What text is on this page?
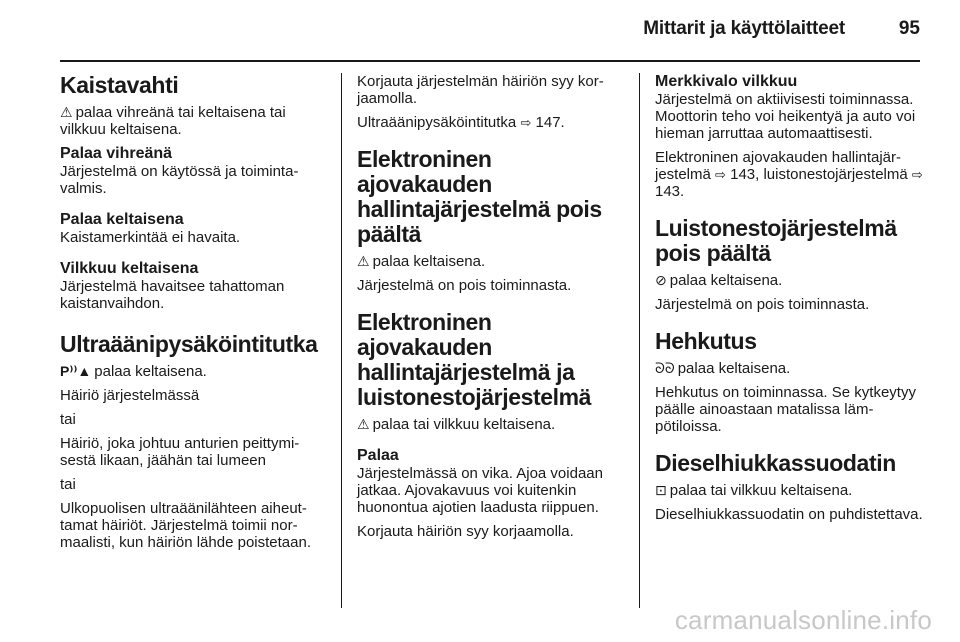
Mittarit ja käyttölaitteet	95
Kaistavahti

⚠ palaa vihreänä tai keltaisena tai vilkkuu keltaisena.

Palaa vihreänä
Järjestelmä on käytössä ja toimintavalmis.
Palaa keltaisena
Kaistamerkintää ei havaita.
Vilkkuu keltaisena
Järjestelmä havaitsee tahattoman kaistanvaihdon.
Ultraäänipysäköintitutka

P⁾⁾▲ palaa keltaisena.

Häiriö järjestelmässä

tai

Häiriö, joka johtuu anturien peittymisestä likaan, jäähän tai lumeen

tai

Ulkopuolisen ultraäänilähteen aiheuttamat häiriöt. Järjestelmä toimii normaalisti, kun häiriön lähde poistetaan.

Korjauta järjestelmän häiriön syy korjaamolla.

Ultraäänipysäköintitutka ⇨ 147.

Elektroninen ajovakauden hallintajärjestelmä pois päältä

⚠ palaa keltaisena.

Järjestelmä on pois toiminnasta.

Elektroninen ajovakauden hallintajärjestelmä ja luistonestojärjestelmä

⚠ palaa tai vilkkuu keltaisena.

Palaa
Järjestelmässä on vika. Ajoa voidaan jatkaa. Ajovakavuus voi kuitenkin huonontua ajotien laadusta riippuen.

Korjauta häiriön syy korjaamolla.

Merkkivalo vilkkuu
Järjestelmä on aktiivisesti toiminnassa. Moottorin teho voi heikentyä ja auto voi hieman jarruttaa automaattisesti.

Elektroninen ajovakauden hallintajärjestelmä ⇨ 143, luistonestojärjestelmä ⇨ 143.

Luistonestojärjestelmä pois päältä

⊘ palaa keltaisena.

Järjestelmä on pois toiminnasta.

Hehkutus

ᘐᘐ palaa keltaisena.

Hehkutus on toiminnassa. Se kytkeytyy päälle ainoastaan matalissa lämpötiloissa.

Dieselhiukkassuodatin

⊡ palaa tai vilkkuu keltaisena.

Dieselhiukkassuodatin on puhdistettava.

carmanualsonline.info
